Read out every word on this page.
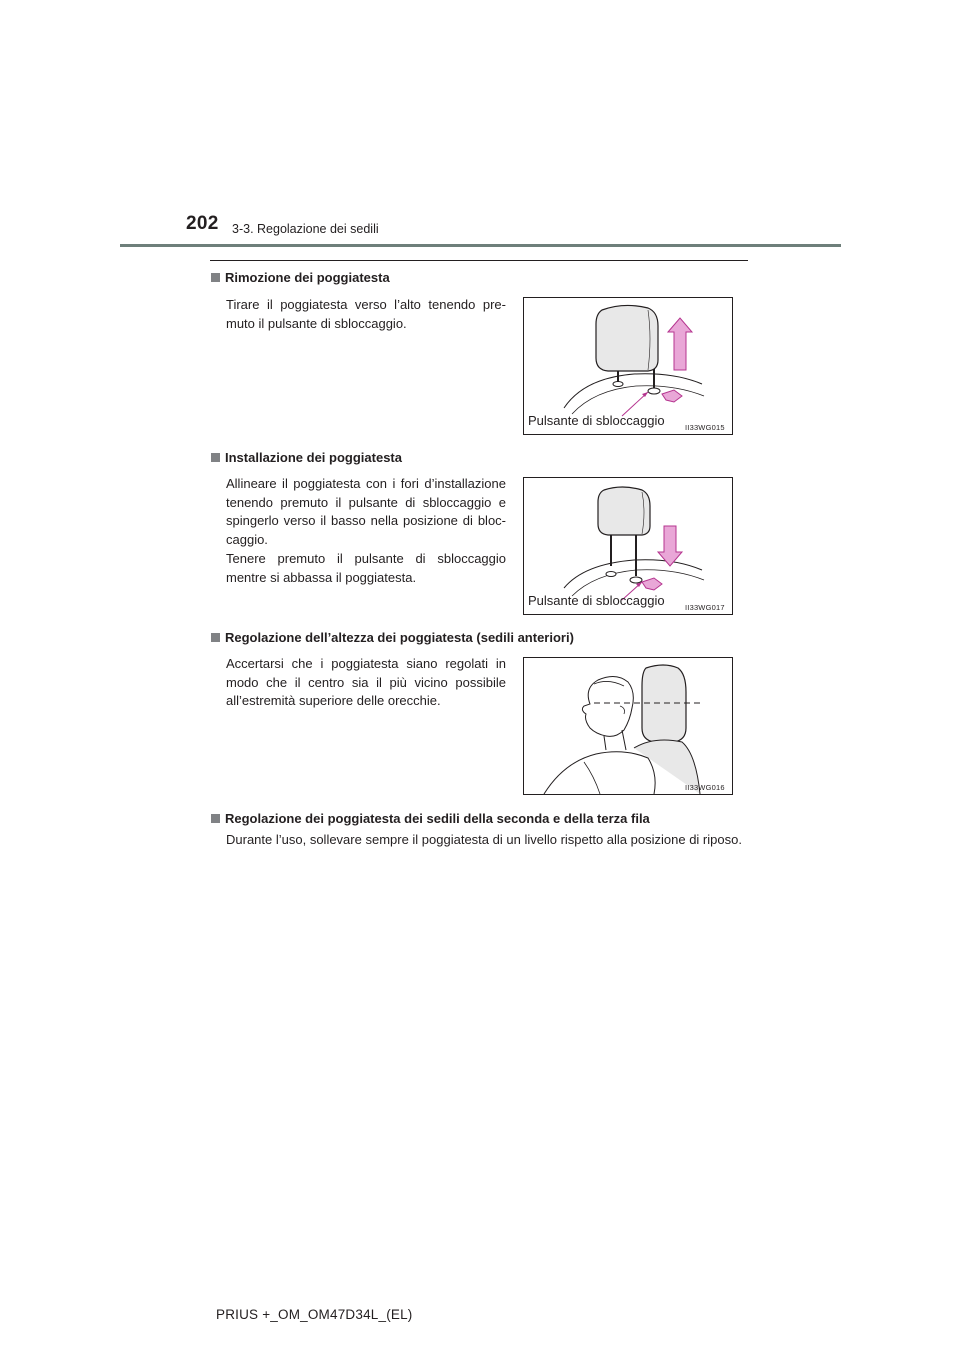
202 3-3. Regolazione dei sedili
Rimozione dei poggiatesta
Tirare il poggiatesta verso l’alto tenendo pre-muto il pulsante di sbloccaggio.
Pulsante di sbloccaggio	II33WG015
Installazione dei poggiatesta
Allineare il poggiatesta con i fori d’installazione tenendo premuto il pulsante di sbloccaggio e spingerlo verso il basso nella posizione di bloc-caggio.
Tenere premuto il pulsante di sbloccaggio mentre si abbassa il poggiatesta.
Pulsante di sbloccaggio	II33WG017
Regolazione dell’altezza dei poggiatesta (sedili anteriori)
Accertarsi che i poggiatesta siano regolati in modo che il centro sia il più vicino possibile all’estremità superiore delle orecchie.
II33WG016
Regolazione dei poggiatesta dei sedili della seconda e della terza fila
Durante l’uso, sollevare sempre il poggiatesta di un livello rispetto alla posizione di riposo.
PRIUS +_OM_OM47D34L_(EL)
